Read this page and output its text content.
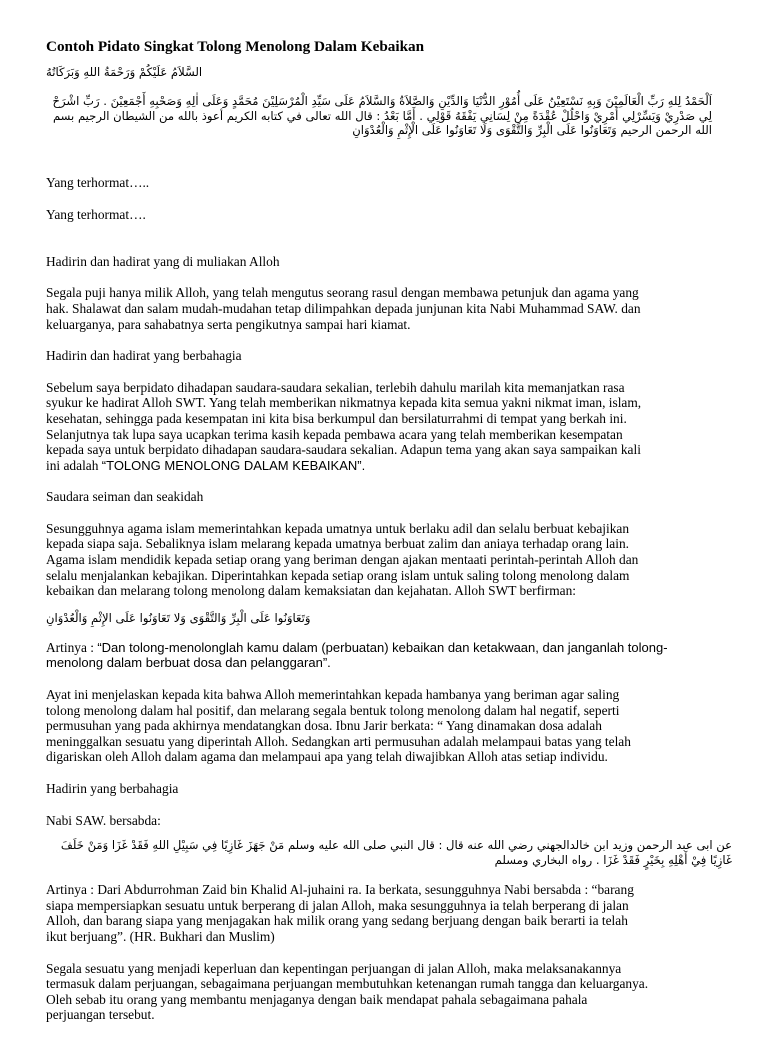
Contoh Pidato Singkat Tolong Menolong Dalam Kebaikan
السَّلاَمُ عَلَيْكُمْ وَرَحْمَةُ اللهِ وَبَرَكَاتُهُ
اَلْحَمْدُ لِلهِ رَبِّ الْعَالَمِيْنَ وَبِهِ نَسْتَعِيْنُ عَلَى أُمُوْرِ الدُّنْيَا وَالدِّيْنِ وَالصَّلاَةُ وَالسَّلاَمُ عَلَى سَيِّدِ الْمُرْسَلِيْنَ مُحَمَّدٍ وَعَلَى اٰلِهِ وَصَحْبِهِ أَجْمَعِيْنَ . رَبِّ اشْرَحْ لِي صَدْرِيْ وَيَسِّرْلِي أَمْرِيْ وَاحْلُلْ عُقْدَةً مِنْ لِسَانِي يَفْقَهُ قَوْلِي . أَمَّا بَعْدُ : قال الله تعالى في كتابه الكريم أعوذ بالله من الشيطان الرجيم بسم الله الرحمن الرحيم وَتَعَاوَنُوا عَلَى الْبِرِّ وَالتَّقْوَى وَلَا تَعَاوَنُوا عَلَى الْإِثْمِ وَالْعُدْوَانِ

Yang terhormat…..

Yang terhormat….

Hadirin dan hadirat yang di muliakan Alloh
Segala puji hanya milik Alloh, yang telah mengutus seorang rasul dengan membawa petunjuk dan agama yang
hak. Shalawat dan salam mudah-mudahan tetap dilimpahkan depada junjunan kita Nabi Muhammad SAW. dan
keluarganya, para sahabatnya serta pengikutnya sampai hari kiamat.
Hadirin dan hadirat yang berbahagia
Sebelum saya berpidato dihadapan saudara-saudara sekalian, terlebih dahulu marilah kita memanjatkan rasa
syukur ke hadirat Alloh SWT. Yang telah memberikan nikmatnya kepada kita semua yakni nikmat iman, islam,
kesehatan, sehingga pada kesempatan ini kita bisa berkumpul dan bersilaturrahmi di tempat yang berkah ini.
Selanjutnya tak lupa saya ucapkan terima kasih kepada pembawa acara yang telah memberikan kesempatan
kepada saya untuk berpidato dihadapan saudara-saudara sekalian. Adapun tema yang akan saya sampaikan kali
ini adalah “TOLONG MENOLONG DALAM KEBAIKAN”.
Saudara seiman dan seakidah
Sesungguhnya agama islam memerintahkan kepada umatnya untuk berlaku adil dan selalu berbuat kebajikan
kepada siapa saja. Sebaliknya islam melarang kepada umatnya berbuat zalim dan aniaya terhadap orang lain.
Agama islam mendidik kepada setiap orang yang beriman dengan ajakan mentaati perintah-perintah Alloh dan
selalu menjalankan kebajikan. Diperintahkan kepada setiap orang islam untuk saling tolong menolong dalam
kebaikan dan melarang tolong menolong dalam kemaksiatan dan kejahatan. Alloh SWT berfirman:
وَتَعَاوَنُوا عَلَى الْبِرِّ وَالتَّقْوَى وَلا تَعَاوَنُوا عَلَى الإِثْمِ وَالْعُدْوَانِ
Artinya : “Dan tolong-menolonglah kamu dalam (perbuatan) kebaikan dan ketakwaan, dan janganlah tolong-
menolong dalam berbuat dosa dan pelanggaran”.
Ayat ini menjelaskan kepada kita bahwa Alloh memerintahkan kepada hambanya yang beriman agar saling
tolong menolong dalam hal positif, dan melarang segala bentuk tolong menolong dalam hal negatif, seperti
permusuhan yang pada akhirnya mendatangkan dosa. Ibnu Jarir berkata: “ Yang dinamakan dosa adalah
meninggalkan sesuatu yang diperintah Alloh. Sedangkan arti permusuhan adalah melampaui batas yang telah
digariskan oleh Alloh dalam agama dan melampaui apa yang telah diwajibkan Alloh atas setiap individu.
Hadirin yang berbahagia
Nabi SAW. bersabda:
عن ابى عبد الرحمن وزيد ابن خالدالجهني رضي الله عنه قال : قال النبي صلى الله عليه وسلم مَنْ جَهَزَ غَازِيًا فِي سَبِيْلِ اللهِ فَقَدْ غَزَا وَمَنْ خَلَفَ غَازِيًا فِيْ أَهْلِهِ بِخَيْرٍ فَقَدْ غَزَا . رواه البخاري ومسلم
Artinya : Dari Abdurrohman Zaid bin Khalid Al-juhaini ra. Ia berkata, sesungguhnya Nabi bersabda : “barang
siapa mempersiapkan sesuatu untuk berperang di jalan Alloh, maka sesungguhnya ia telah berperang di jalan
Alloh, dan barang siapa yang menjagakan hak milik orang yang sedang berjuang dengan baik berarti ia telah
ikut berjuang”. (HR. Bukhari dan Muslim)
Segala sesuatu yang menjadi keperluan dan kepentingan perjuangan di jalan Alloh, maka melaksanakannya
termasuk dalam perjuangan, sebagaimana perjuangan membutuhkan ketenangan rumah tangga dan keluarganya.
Oleh sebab itu orang yang membantu menjaganya dengan baik mendapat pahala sebagaimana pahala
perjuangan tersebut.
